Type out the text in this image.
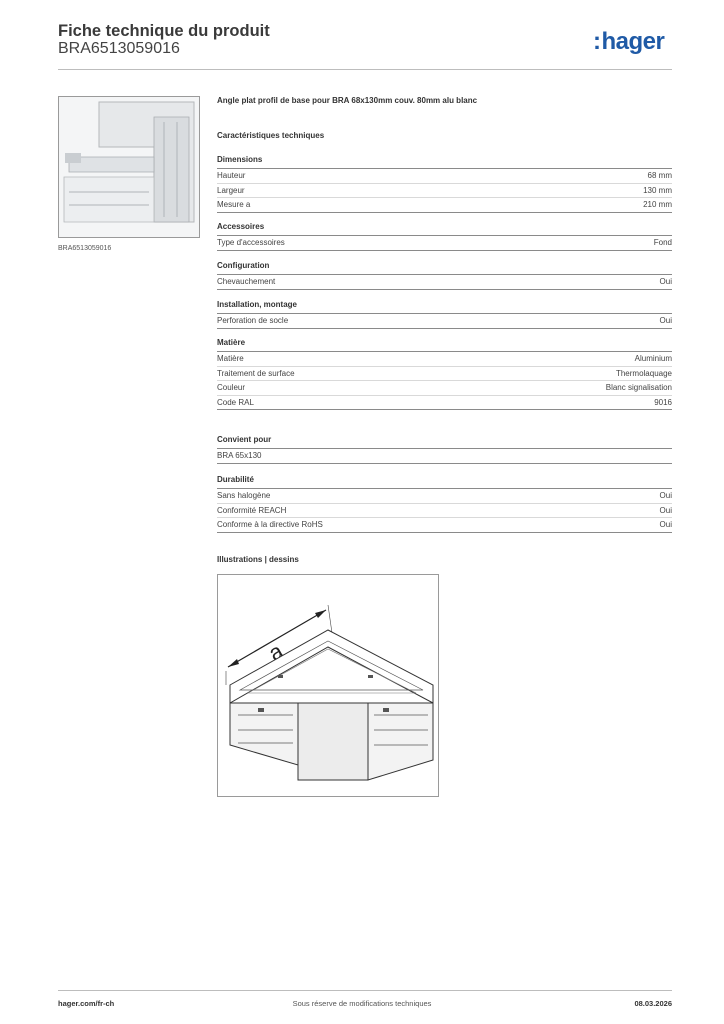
Fiche technique du produit
BRA6513059016	:hager
BRA6513059016
Angle plat profil de base pour BRA 68x130mm couv. 80mm alu blanc
Caractéristiques techniques
Dimensions
Hauteur	68 mm
Largeur	130 mm
Mesure a	210 mm
Accessoires
Type d'accessoires	Fond
Configuration
Chevauchement	Oui
Installation, montage
Perforation de socle	Oui
Matière
Matière	Aluminium
Traitement de surface	Thermolaquage
Couleur	Blanc signalisation
Code RAL	9016
Convient pour
BRA 65x130
Durabilité
Sans halogène	Oui
Conformité REACH	Oui
Conforme à la directive RoHS	Oui
Illustrations | dessins
a
hager.com/fr-ch	Sous réserve de modifications techniques	08.03.2026
